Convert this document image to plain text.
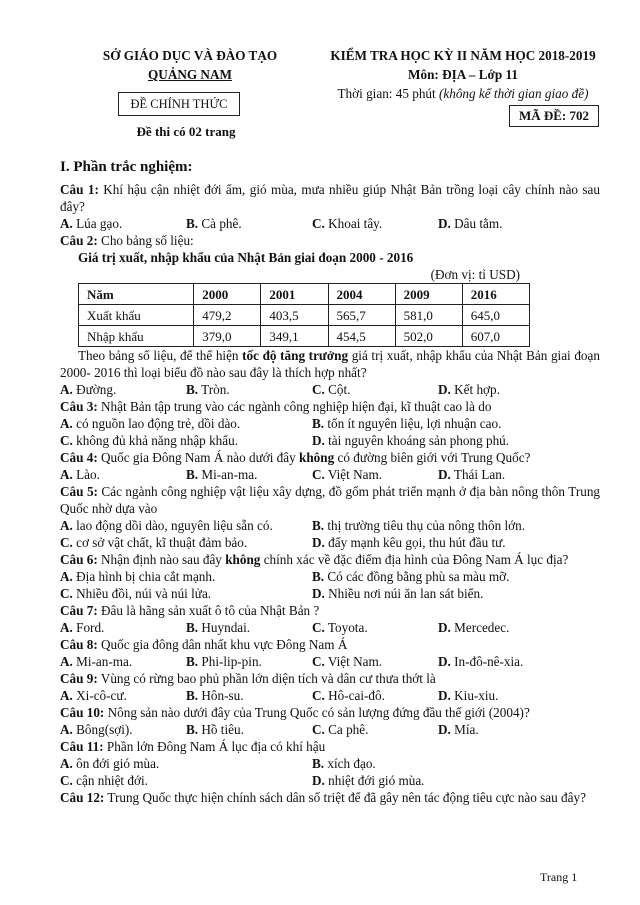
SỞ GIÁO DỤC VÀ ĐÀO TẠO
QUẢNG NAM
ĐỀ CHÍNH THỨC
Đề thi có 02 trang
KIỂM TRA HỌC KỲ II NĂM HỌC 2018-2019
Môn: ĐỊA – Lớp 11
Thời gian: 45 phút (không kể thời gian giao đề)
MÃ ĐỀ: 702
I. Phần trắc nghiệm:

Câu 1: Khí hậu cận nhiệt đới ẩm, gió mùa, mưa nhiều giúp Nhật Bản trồng loại cây chính nào sau đây?

A. Lúa gạo.	B. Cà phê.	C. Khoai tây.	D. Dâu tằm.

Câu 2: Cho bảng số liệu:

Giá trị xuất, nhập khẩu của Nhật Bản giai đoạn 2000 - 2016

(Đơn vị: tỉ USD)

Năm	2000	2001	2004	2009	2016
Xuất khẩu	479,2	403,5	565,7	581,0	645,0
Nhập khẩu	379,0	349,1	454,5	502,0	607,0

Theo bảng số liệu, để thể hiện tốc độ tăng trưởng giá trị xuất, nhập khẩu của Nhật Bản giai đoạn 2000- 2016 thì loại biểu đồ nào sau đây là thích hợp nhất?

A. Đường.	B. Tròn.	C. Cột.	D. Kết hợp.

Câu 3: Nhật Bản tập trung vào các ngành công nghiệp hiện đại, kĩ thuật cao là do

A. có nguồn lao động trẻ, dồi dào.	B. tốn ít nguyên liệu, lợi nhuận cao.
C. không đủ khả năng nhập khẩu.	D. tài nguyên khoáng sản phong phú.

Câu 4: Quốc gia Đông Nam Á nào dưới đây không có đường biên giới với Trung Quốc?

A. Lào.	B. Mi-an-ma.	C. Việt Nam.	D. Thái Lan.

Câu 5: Các ngành công nghiệp vật liệu xây dựng, đồ gốm phát triển mạnh ở địa bàn nông thôn Trung Quốc nhờ dựa vào

A. lao động dồi dào, nguyên liệu sẵn có.	B. thị trường tiêu thụ của nông thôn lớn.
C. cơ sở vật chất, kĩ thuật đảm bảo.	D. đẩy mạnh kêu gọi, thu hút đầu tư.

Câu 6: Nhận định nào sau đây không chính xác về đặc điểm địa hình của Đông Nam Á lục địa?

A. Địa hình bị chia cắt mạnh.	B. Có các đồng bằng phù sa màu mỡ.
C. Nhiều đồi, núi và núi lửa.	D. Nhiều nơi núi ăn lan sát biển.

Câu 7: Đâu là hãng sản xuất ô tô của Nhật Bản ?

A. Ford.	B. Huyndai.	C. Toyota.	D. Mercedec.

Câu 8: Quốc gia đông dân nhất khu vực Đông Nam Á

A. Mi-an-ma.	B. Phi-lip-pin.	C. Việt Nam.	D. In-đô-nê-xia.

Câu 9: Vùng có rừng bao phủ phần lớn diện tích và dân cư thưa thớt là

A. Xi-cô-cư.	B. Hôn-su.	C. Hô-cai-đô.	D. Kiu-xiu.

Câu 10: Nông sản nào dưới đây của Trung Quốc có sản lượng đứng đầu thế giới (2004)?

A. Bông(sợi).	B. Hồ tiêu.	C. Ca phê.	D. Mía.

Câu 11: Phần lớn Đông Nam Á lục địa có khí hậu

A. ôn đới gió mùa.	B. xích đạo.
C. cận nhiệt đới.	D. nhiệt đới gió mùa.

Câu 12: Trung Quốc thực hiện chính sách dân số triệt để đã gây nên tác động tiêu cực nào sau đây?

Trang 1
